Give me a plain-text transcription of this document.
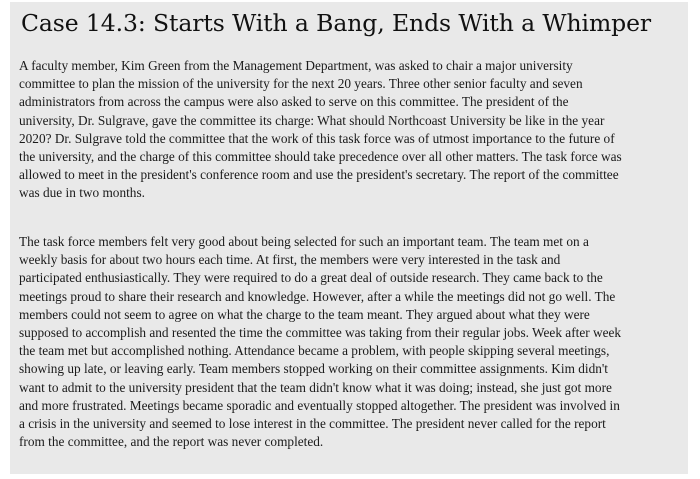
Case 14.3: Starts With a Bang, Ends With a Whimper

A faculty member, Kim Green from the Management Department, was asked to chair a major university
committee to plan the mission of the university for the next 20 years. Three other senior faculty and seven
administrators from across the campus were also asked to serve on this committee. The president of the
university, Dr. Sulgrave, gave the committee its charge: What should Northcoast University be like in the year
2020? Dr. Sulgrave told the committee that the work of this task force was of utmost importance to the future of
the university, and the charge of this committee should take precedence over all other matters. The task force was
allowed to meet in the president's conference room and use the president's secretary. The report of the committee
was due in two months.

The task force members felt very good about being selected for such an important team. The team met on a
weekly basis for about two hours each time. At first, the members were very interested in the task and
participated enthusiastically. They were required to do a great deal of outside research. They came back to the
meetings proud to share their research and knowledge. However, after a while the meetings did not go well. The
members could not seem to agree on what the charge to the team meant. They argued about what they were
supposed to accomplish and resented the time the committee was taking from their regular jobs. Week after week
the team met but accomplished nothing. Attendance became a problem, with people skipping several meetings,
showing up late, or leaving early. Team members stopped working on their committee assignments. Kim didn't
want to admit to the university president that the team didn't know what it was doing; instead, she just got more
and more frustrated. Meetings became sporadic and eventually stopped altogether. The president was involved in
a crisis in the university and seemed to lose interest in the committee. The president never called for the report
from the committee, and the report was never completed.
